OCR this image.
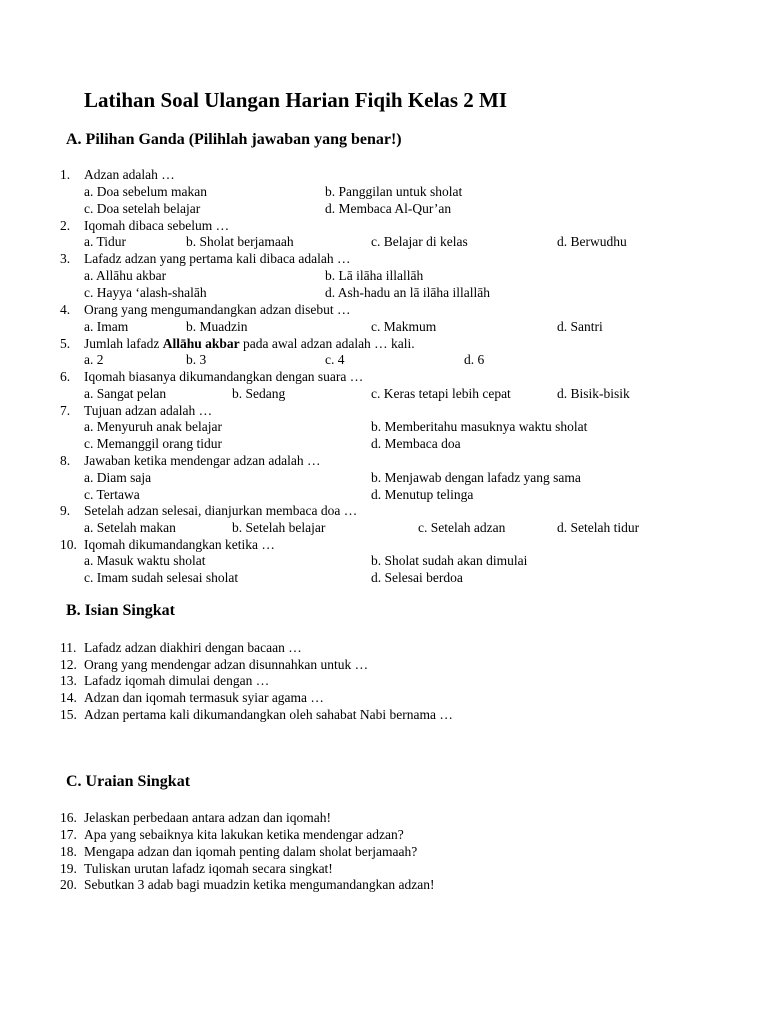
Latihan Soal Ulangan Harian Fiqih Kelas 2 MI
A. Pilihan Ganda (Pilihlah jawaban yang benar!)
1. Adzan adalah …
a. Doa sebelum makan	b. Panggilan untuk sholat
c. Doa setelah belajar	d. Membaca Al-Qur’an
2. Iqomah dibaca sebelum …
a. Tidur	b. Sholat berjamaah	c. Belajar di kelas	d. Berwudhu
3. Lafadz adzan yang pertama kali dibaca adalah …
a. Allāhu akbar	b. Lā ilāha illallāh
c. Hayya ‘alash-shalāh	d. Ash-hadu an lā ilāha illallāh
4. Orang yang mengumandangkan adzan disebut …
a. Imam	b. Muadzin	c. Makmum	d. Santri
5. Jumlah lafadz Allāhu akbar pada awal adzan adalah … kali.
a. 2	b. 3	c. 4	d. 6
6. Iqomah biasanya dikumandangkan dengan suara …
a. Sangat pelan	b. Sedang	c. Keras tetapi lebih cepat	d. Bisik-bisik
7. Tujuan adzan adalah …
a. Menyuruh anak belajar	b. Memberitahu masuknya waktu sholat
c. Memanggil orang tidur	d. Membaca doa
8. Jawaban ketika mendengar adzan adalah …
a. Diam saja	b. Menjawab dengan lafadz yang sama
c. Tertawa	d. Menutup telinga
9. Setelah adzan selesai, dianjurkan membaca doa …
a. Setelah makan	b. Setelah belajar	c. Setelah adzan	d. Setelah tidur
10. Iqomah dikumandangkan ketika …
a. Masuk waktu sholat	b. Sholat sudah akan dimulai
c. Imam sudah selesai sholat	d. Selesai berdoa
B. Isian Singkat
11. Lafadz adzan diakhiri dengan bacaan …
12. Orang yang mendengar adzan disunnahkan untuk …
13. Lafadz iqomah dimulai dengan …
14. Adzan dan iqomah termasuk syiar agama …
15. Adzan pertama kali dikumandangkan oleh sahabat Nabi bernama …
C. Uraian Singkat
16. Jelaskan perbedaan antara adzan dan iqomah!
17. Apa yang sebaiknya kita lakukan ketika mendengar adzan?
18. Mengapa adzan dan iqomah penting dalam sholat berjamaah?
19. Tuliskan urutan lafadz iqomah secara singkat!
20. Sebutkan 3 adab bagi muadzin ketika mengumandangkan adzan!
